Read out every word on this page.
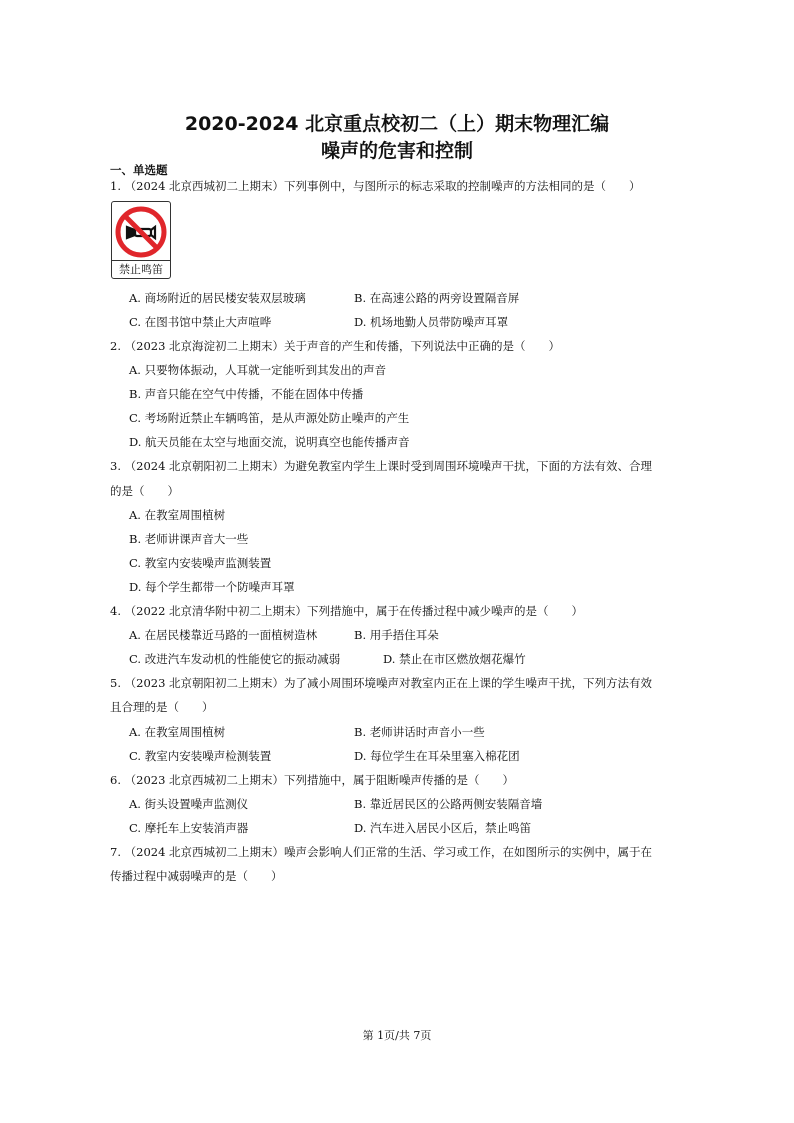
2020-2024 北京重点校初二（上）期末物理汇编
噪声的危害和控制
一、单选题
1. （2024 北京西城初二上期末）下列事例中，与图所示的标志采取的控制噪声的方法相同的是（　　）
禁止鸣笛
A. 商场附近的居民楼安装双层玻璃	B. 在高速公路的两旁设置隔音屏
C. 在图书馆中禁止大声喧哗	D. 机场地勤人员带防噪声耳罩
2. （2023 北京海淀初二上期末）关于声音的产生和传播，下列说法中正确的是（　　）
A. 只要物体振动，人耳就一定能听到其发出的声音
B. 声音只能在空气中传播，不能在固体中传播
C. 考场附近禁止车辆鸣笛，是从声源处防止噪声的产生
D. 航天员能在太空与地面交流，说明真空也能传播声音
3. （2024 北京朝阳初二上期末）为避免教室内学生上课时受到周围环境噪声干扰，下面的方法有效、合理
的是（　　）
A. 在教室周围植树
B. 老师讲课声音大一些
C. 教室内安装噪声监测装置
D. 每个学生都带一个防噪声耳罩
4. （2022 北京清华附中初二上期末）下列措施中，属于在传播过程中减少噪声的是（　　）
A. 在居民楼靠近马路的一面植树造林	B. 用手捂住耳朵
C. 改进汽车发动机的性能使它的振动减弱	D. 禁止在市区燃放烟花爆竹
5. （2023 北京朝阳初二上期末）为了减小周围环境噪声对教室内正在上课的学生噪声干扰，下列方法有效
且合理的是（　　）
A. 在教室周围植树	B. 老师讲话时声音小一些
C. 教室内安装噪声检测装置	D. 每位学生在耳朵里塞入棉花团
6. （2023 北京西城初二上期末）下列措施中，属于阻断噪声传播的是（　　）
A. 街头设置噪声监测仪	B. 靠近居民区的公路两侧安装隔音墙
C. 摩托车上安装消声器	D. 汽车进入居民小区后，禁止鸣笛
7. （2024 北京西城初二上期末）噪声会影响人们正常的生活、学习或工作，在如图所示的实例中，属于在
传播过程中减弱噪声的是（　　）
第 1页/共 7页
